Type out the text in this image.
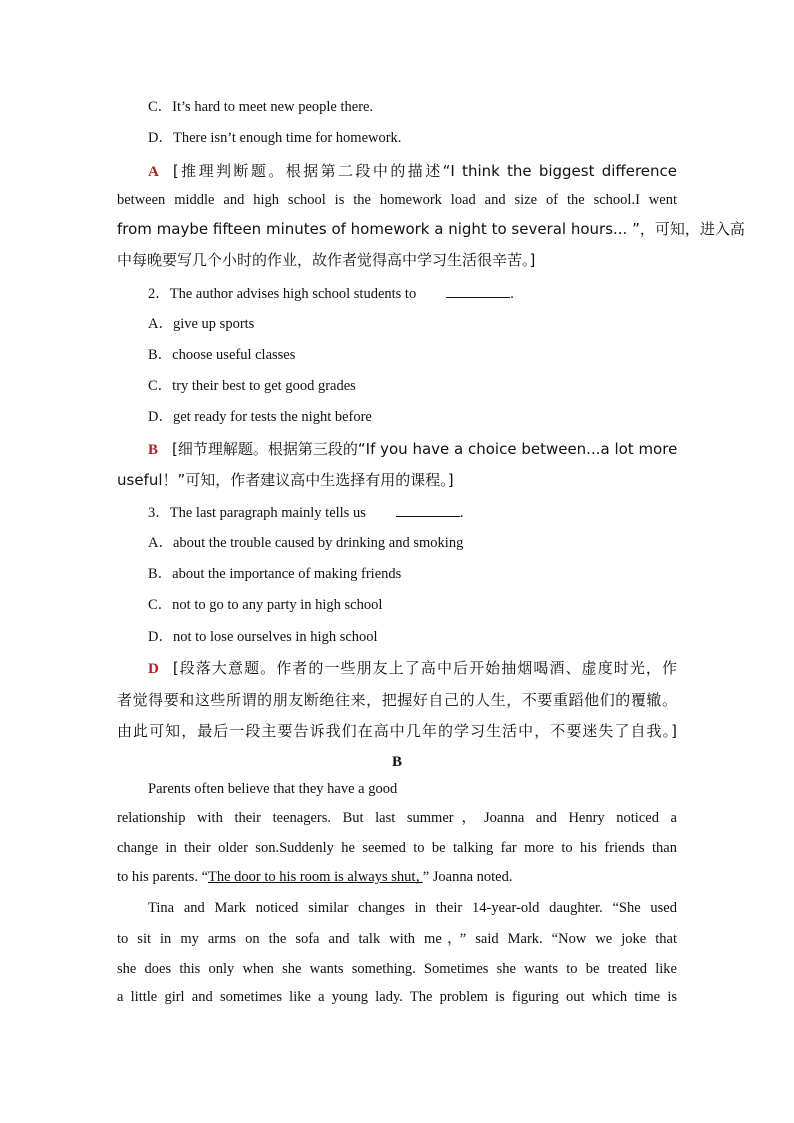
C．It’s hard to meet new people there.
D．There isn’t enough time for homework.
A [推理判断题。根据第二段中的描述“I think the biggest difference
between middle and high school is the homework load and size of the school.I went
from maybe fifteen minutes of homework a night to several hours... ”，可知，进入高
中每晚要写几个小时的作业，故作者觉得高中学习生活很辛苦。]
2．The author advises high school students to	.
A．give up sports
B．choose useful classes
C．try their best to get good grades
D．get ready for tests the night before
B [细节理解题。根据第三段的“If you have a choice between...a lot more
useful！”可知，作者建议高中生选择有用的课程。]
3．The last paragraph mainly tells us	.
A．about the trouble caused by drinking and smoking
B．about the importance of making friends
C．not to go to any party in high school
D．not to lose ourselves in high school
D [段落大意题。作者的一些朋友上了高中后开始抽烟喝酒、虚度时光，作
者觉得要和这些所谓的朋友断绝往来，把握好自己的人生，不要重蹈他们的覆辙。
由此可知，最后一段主要告诉我们在高中几年的学习生活中，不要迷失了自我。]
B
Parents often believe that they have a good
relationship with their teenagers. But last summer，Joanna and Henry noticed a
change in their older son.Suddenly he seemed to be talking far more to his friends than
to his parents. “The door to his room is always shut，” Joanna noted.
Tina and Mark noticed similar changes in their 14-year-old daughter. “She used
to sit in my arms on the sofa and talk with me，” said Mark. “Now we joke that
she does this only when she wants something. Sometimes she wants to be treated like
a little girl and sometimes like a young lady. The problem is figuring out which time is
